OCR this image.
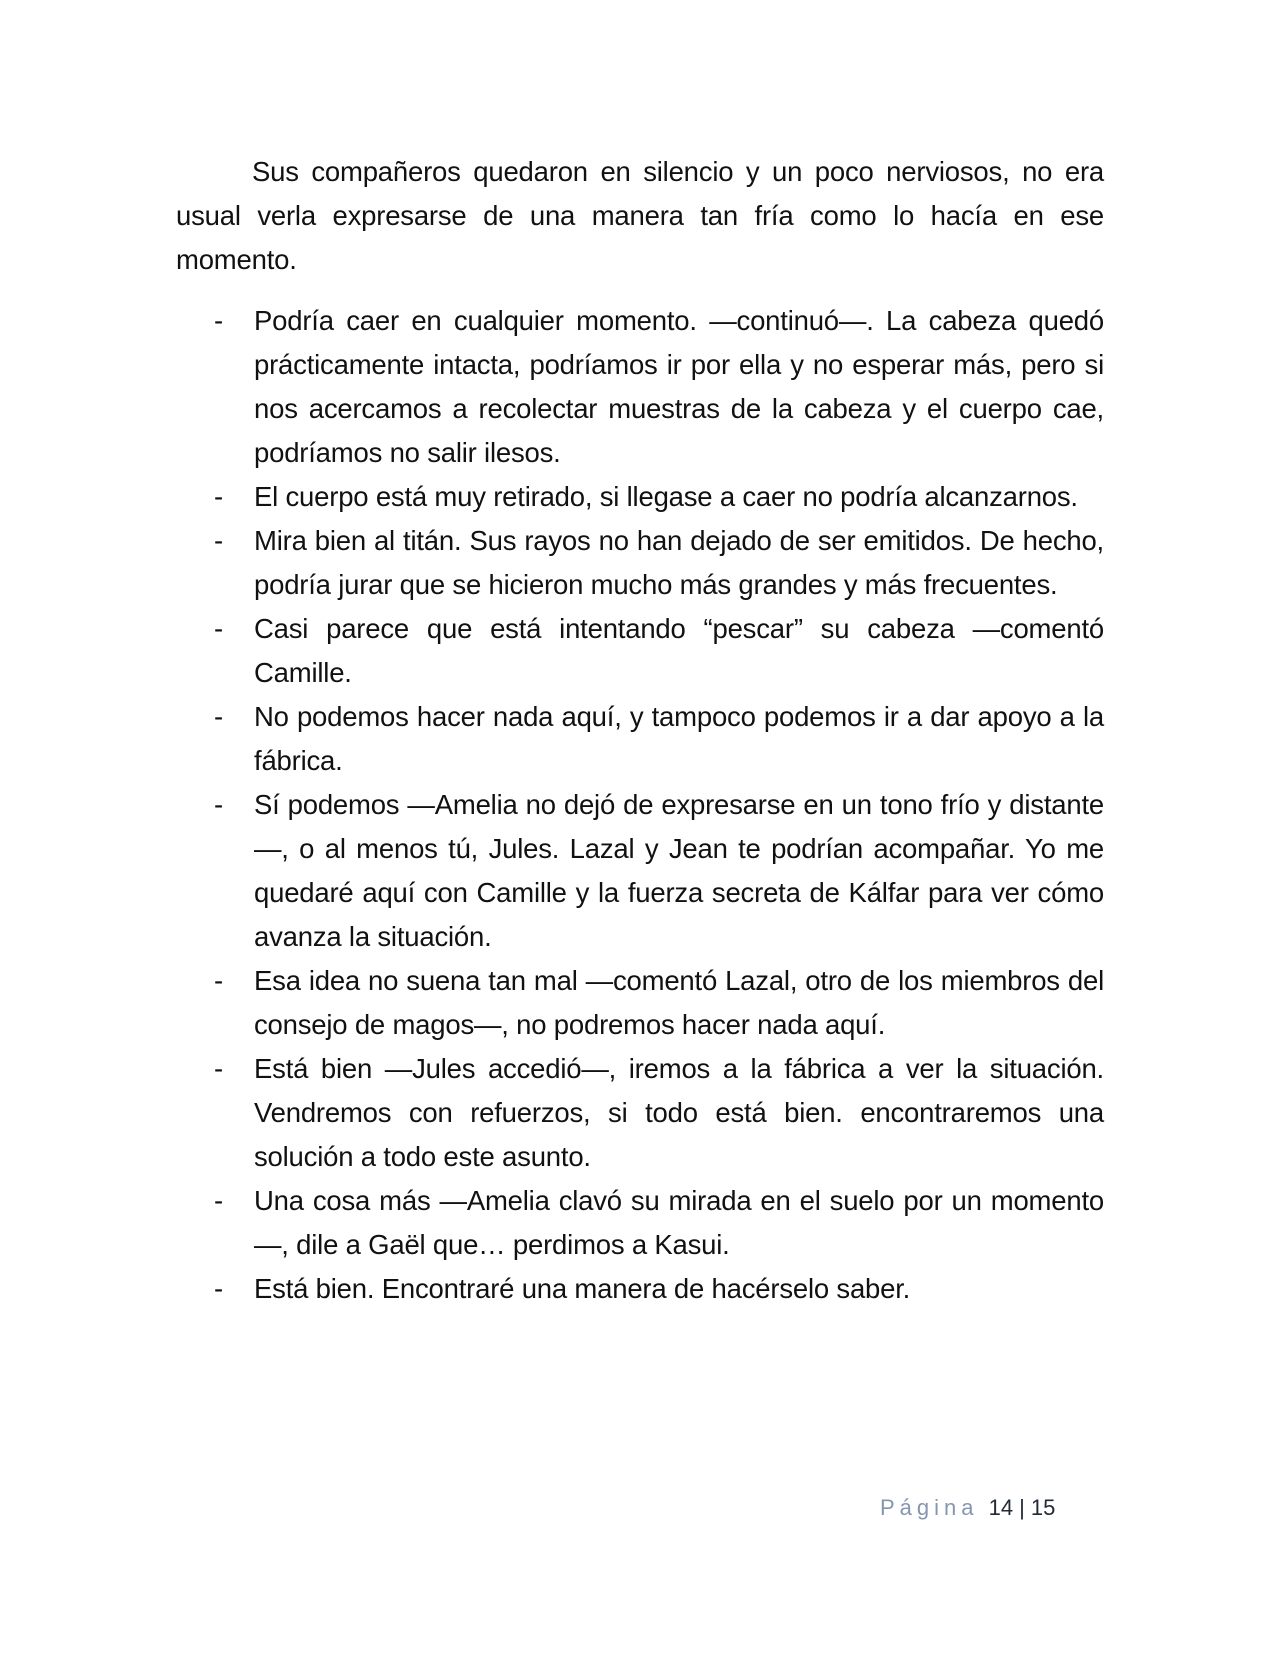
Sus compañeros quedaron en silencio y un poco nerviosos, no era usual verla expresarse de una manera tan fría como lo hacía en ese momento.

- Podría caer en cualquier momento. —continuó—. La cabeza quedó prácticamente intacta, podríamos ir por ella y no esperar más, pero si nos acercamos a recolectar muestras de la cabeza y el cuerpo cae, podríamos no salir ilesos.
- El cuerpo está muy retirado, si llegase a caer no podría alcanzarnos.
- Mira bien al titán. Sus rayos no han dejado de ser emitidos. De hecho, podría jurar que se hicieron mucho más grandes y más frecuentes.
- Casi parece que está intentando “pescar” su cabeza —comentó Camille.
- No podemos hacer nada aquí, y tampoco podemos ir a dar apoyo a la fábrica.
- Sí podemos —Amelia no dejó de expresarse en un tono frío y distante—, o al menos tú, Jules. Lazal y Jean te podrían acompañar. Yo me quedaré aquí con Camille y la fuerza secreta de Kálfar para ver cómo avanza la situación.
- Esa idea no suena tan mal —comentó Lazal, otro de los miembros del consejo de magos—, no podremos hacer nada aquí.
- Está bien —Jules accedió—, iremos a la fábrica a ver la situación. Vendremos con refuerzos, si todo está bien. encontraremos una solución a todo este asunto.
- Una cosa más —Amelia clavó su mirada en el suelo por un momento—, dile a Gaël que… perdimos a Kasui.
- Está bien. Encontraré una manera de hacérselo saber.
Página 14 | 15
